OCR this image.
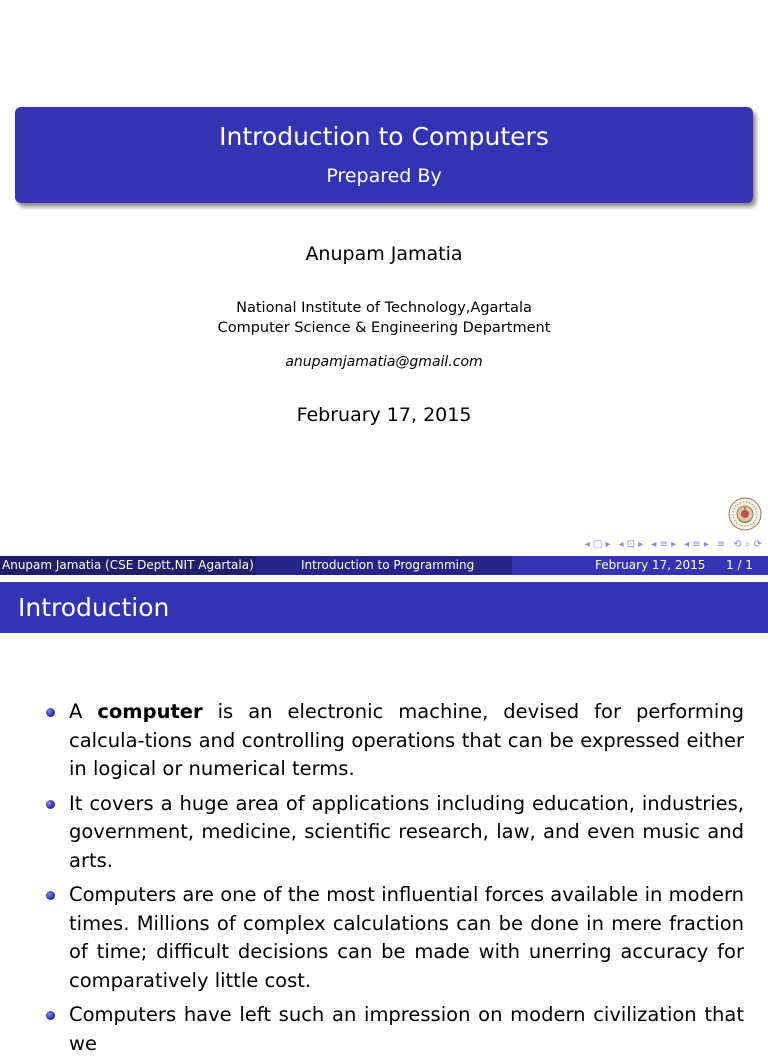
Introduction to Computers
Prepared By
Anupam Jamatia
National Institute of Technology,Agartala
Computer Science & Engineering Department
anupamjamatia@gmail.com
February 17, 2015
◂ □ ▸ ◂ ⊡ ▸ ◂ ≡ ▸ ◂ ≡ ▸ ≡ ⟲ ⌕ ⟳
Anupam Jamatia (CSE Deptt,NIT Agartala)	Introduction to Programming	February 17, 2015 1 / 1
Introduction
A computer is an electronic machine, devised for performing calcula-tions and controlling operations that can be expressed either in logical or numerical terms.
It covers a huge area of applications including education, industries, government, medicine, scientific research, law, and even music and arts.
Computers are one of the most influential forces available in modern times. Millions of complex calculations can be done in mere fraction of time; difficult decisions can be made with unerring accuracy for comparatively little cost.
Computers have left such an impression on modern civilization that we
